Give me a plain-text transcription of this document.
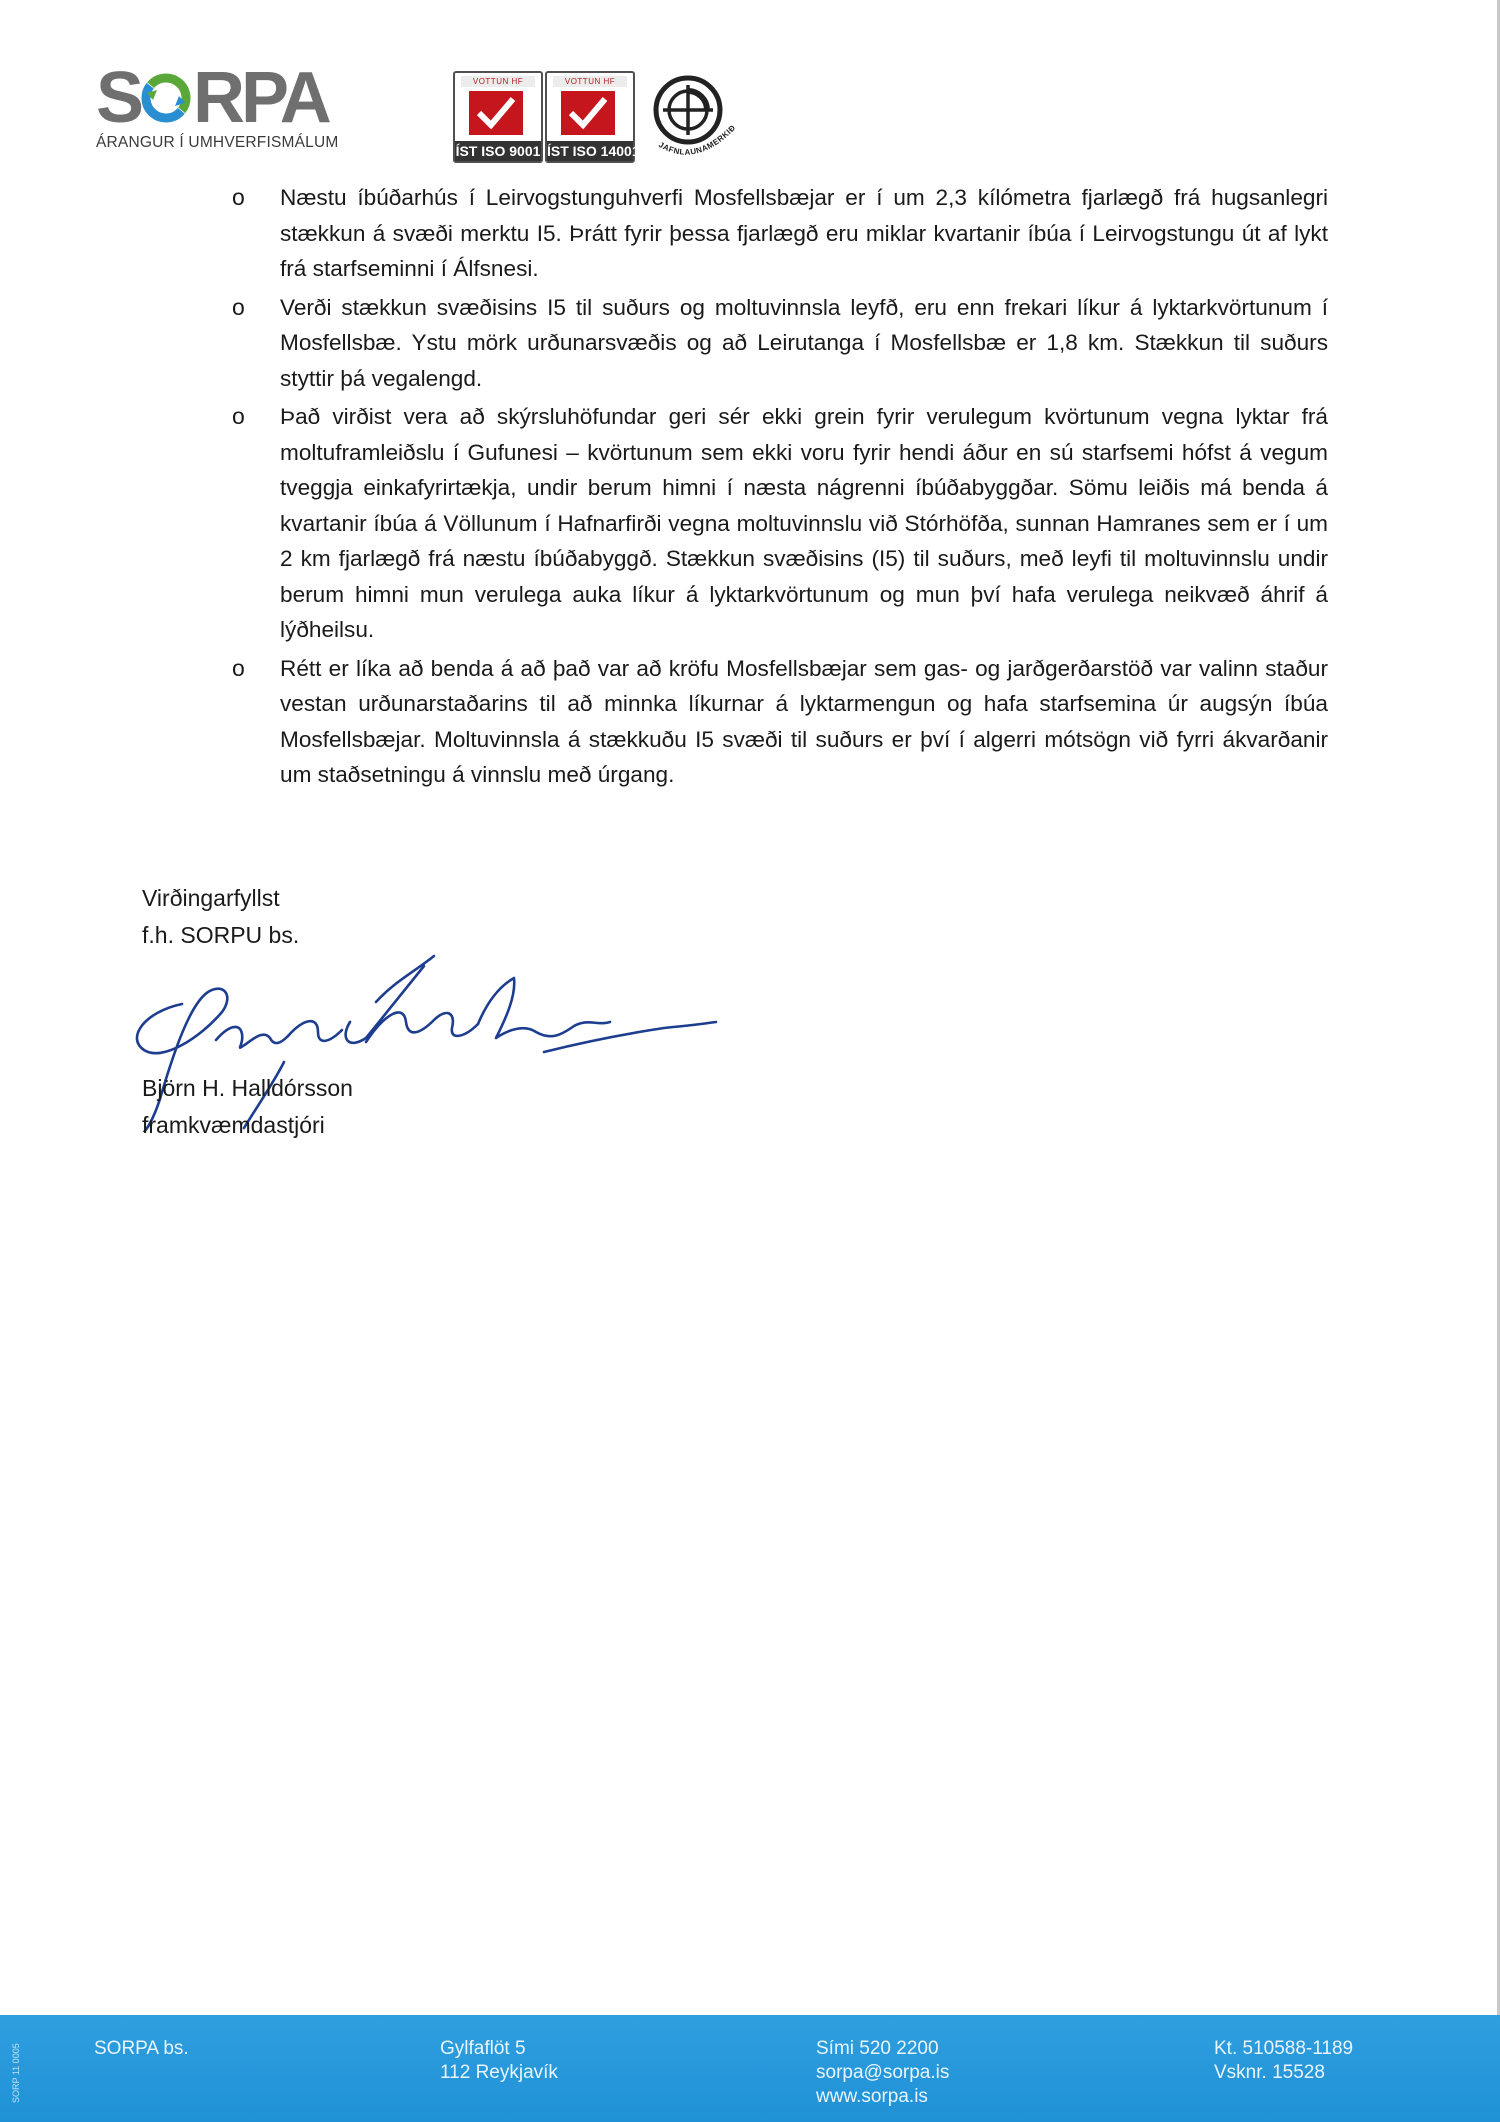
S RPA
ÁRANGUR Í UMHVERFISMÁLUM
VOTTUN HF
ÍST ISO 9001
VOTTUN HF
ÍST ISO 14001 JAFNLAUNAMERKIÐ
o Næstu íbúðarhús í Leirvogstunguhverfi Mosfellsbæjar er í um 2,3 kílómetra fjarlægð frá hugsanlegri stækkun á svæði merktu I5. Þrátt fyrir þessa fjarlægð eru miklar kvartanir íbúa í Leirvogstungu út af lykt frá starfseminni í Álfsnesi.
o Verði stækkun svæðisins I5 til suðurs og moltuvinnsla leyfð, eru enn frekari líkur á lyktarkvörtunum í Mosfellsbæ. Ystu mörk urðunarsvæðis og að Leirutanga í Mosfellsbæ er 1,8 km. Stækkun til suðurs styttir þá vegalengd.
o Það virðist vera að skýrsluhöfundar geri sér ekki grein fyrir verulegum kvörtunum vegna lyktar frá moltuframleiðslu í Gufunesi – kvörtunum sem ekki voru fyrir hendi áður en sú starfsemi hófst á vegum tveggja einkafyrirtækja, undir berum himni í næsta nágrenni íbúðabyggðar. Sömu leiðis má benda á kvartanir íbúa á Völlunum í Hafnarfirði vegna moltuvinnslu við Stórhöfða, sunnan Hamranes sem er í um 2 km fjarlægð frá næstu íbúðabyggð. Stækkun svæðisins (I5) til suðurs, með leyfi til moltuvinnslu undir berum himni mun verulega auka líkur á lyktarkvörtunum og mun því hafa verulega neikvæð áhrif á lýðheilsu.
o Rétt er líka að benda á að það var að kröfu Mosfellsbæjar sem gas- og jarðgerðarstöð var valinn staður vestan urðunarstaðarins til að minnka líkurnar á lyktarmengun og hafa starfsemina úr augsýn íbúa Mosfellsbæjar. Moltuvinnsla á stækkuðu I5 svæði til suðurs er því í algerri mótsögn við fyrri ákvarðanir um staðsetningu á vinnslu með úrgang.
Virðingarfyllst
f.h. SORPU bs.
Björn H. Halldórsson
framkvæmdastjóri
SORP 11 0005	SORPA bs.	Gylfaflöt 5
112 Reykjavík
Sími 520 2200
sorpa@sorpa.is
www.sorpa.is
Kt. 510588-1189
Vsknr. 15528
